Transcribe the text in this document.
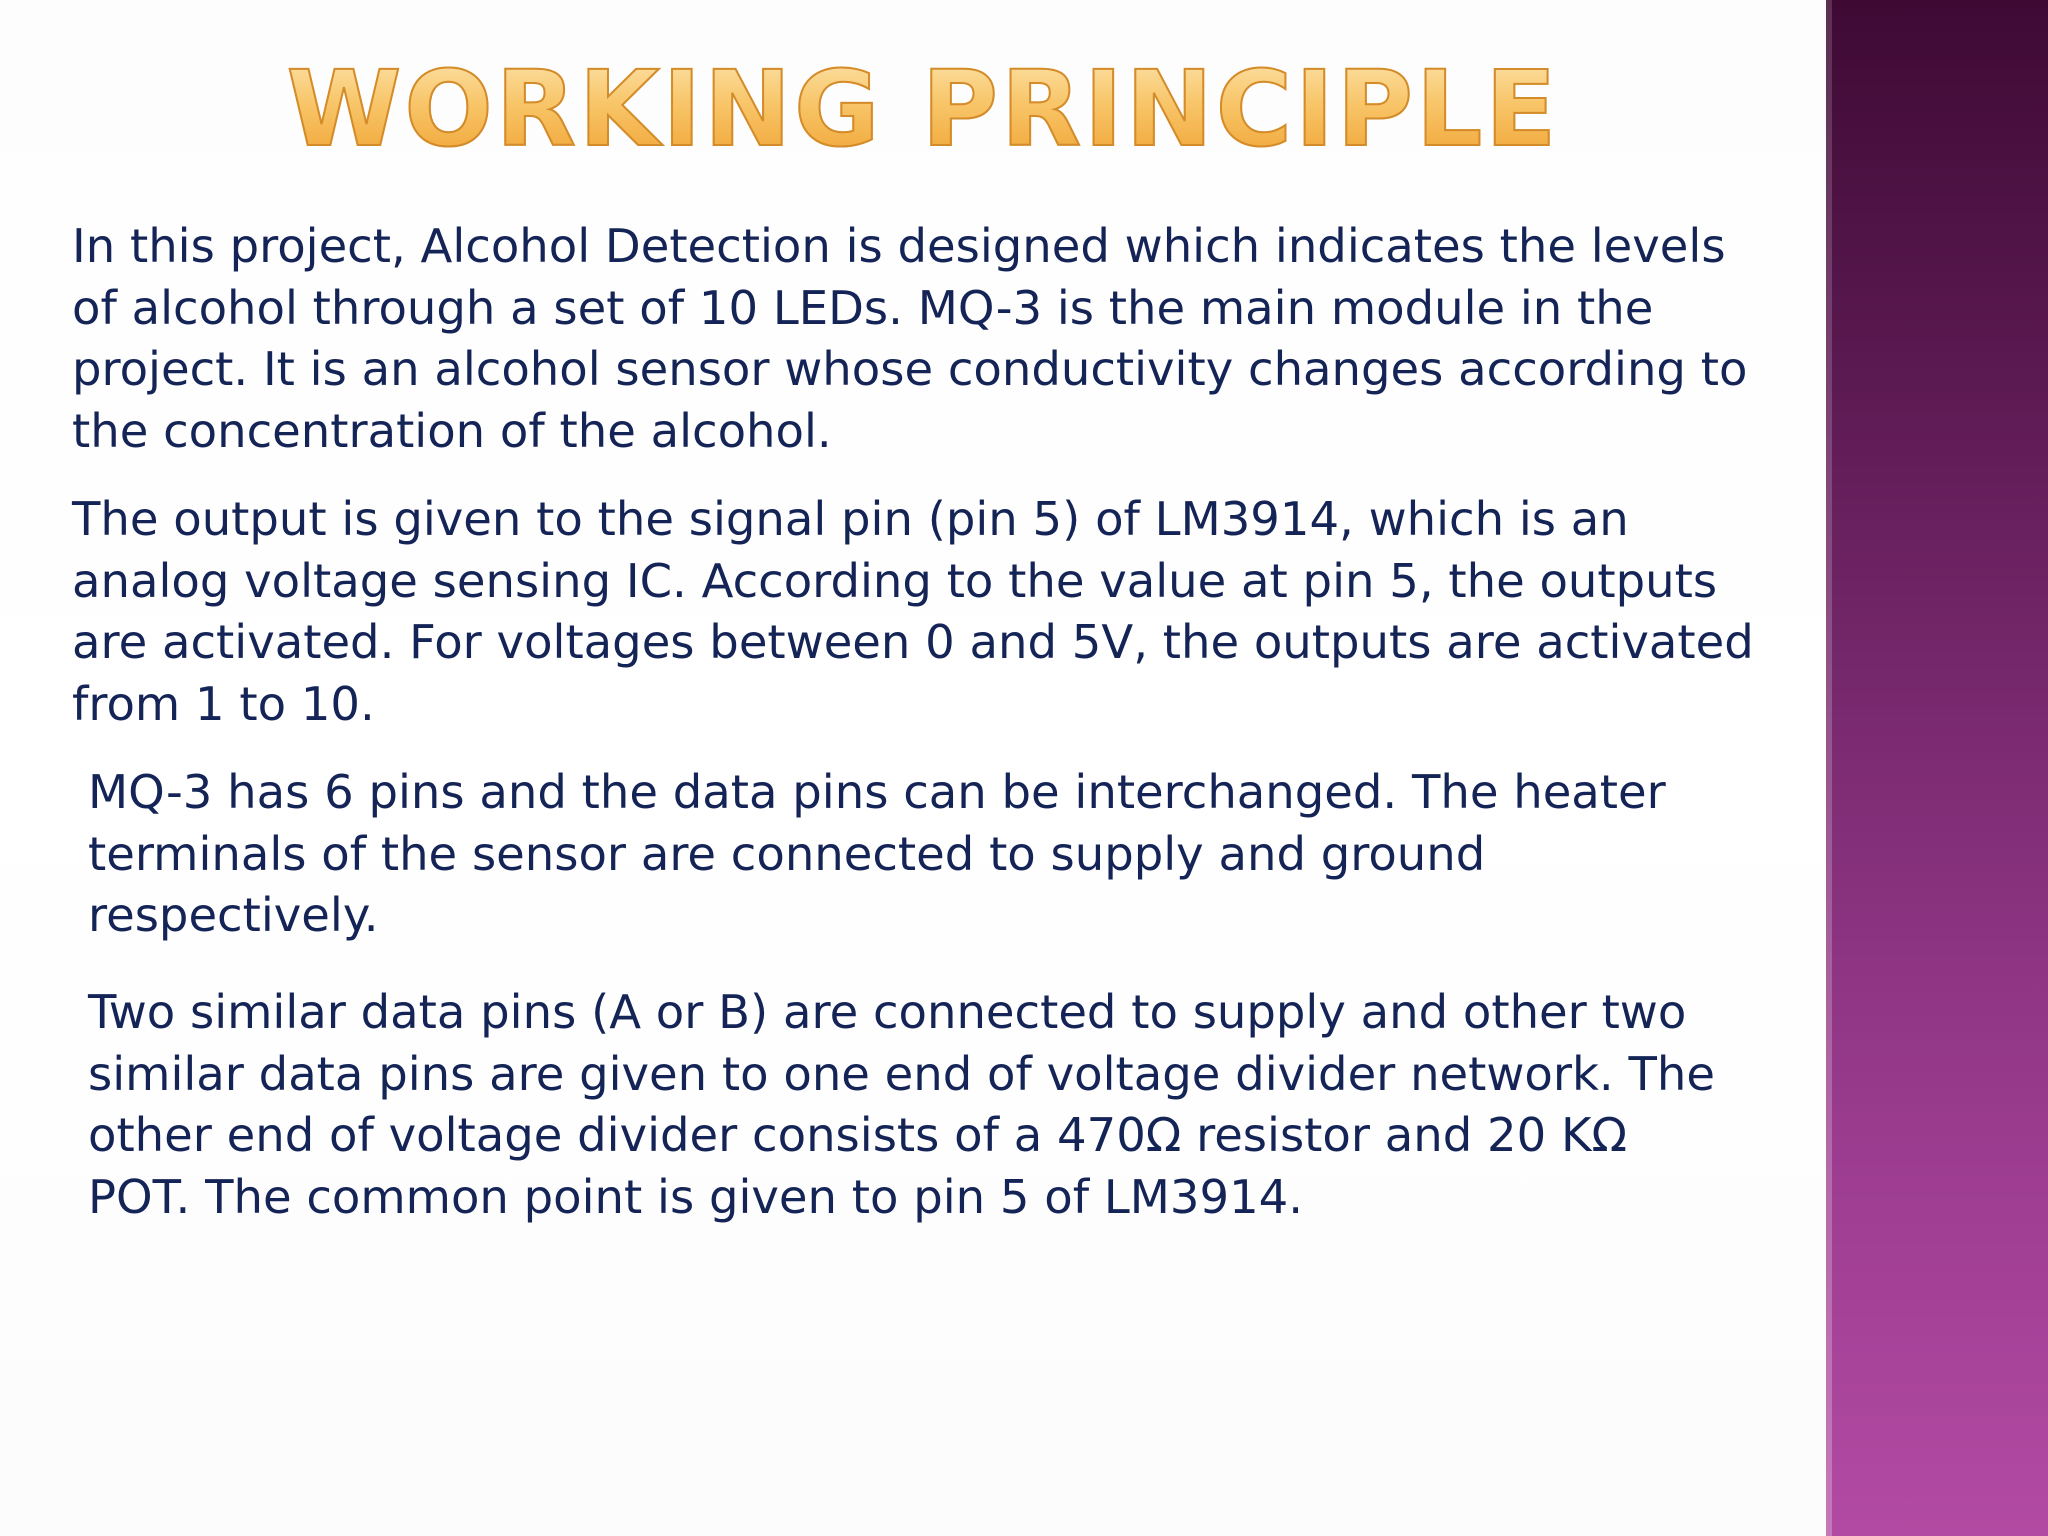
WORKING PRINCIPLE

In this project, Alcohol Detection is designed which indicates the levels
of alcohol through a set of 10 LEDs. MQ-3 is the main module in the
project. It is an alcohol sensor whose conductivity changes according to
the concentration of the alcohol.

The output is given to the signal pin (pin 5) of LM3914, which is an
analog voltage sensing IC. According to the value at pin 5, the outputs
are activated. For voltages between 0 and 5V, the outputs are activated
from 1 to 10.

MQ-3 has 6 pins and the data pins can be interchanged. The heater
terminals of the sensor are connected to supply and ground
respectively.

Two similar data pins (A or B) are connected to supply and other two
similar data pins are given to one end of voltage divider network. The
other end of voltage divider consists of a 470Ω resistor and 20 KΩ
POT. The common point is given to pin 5 of LM3914.
